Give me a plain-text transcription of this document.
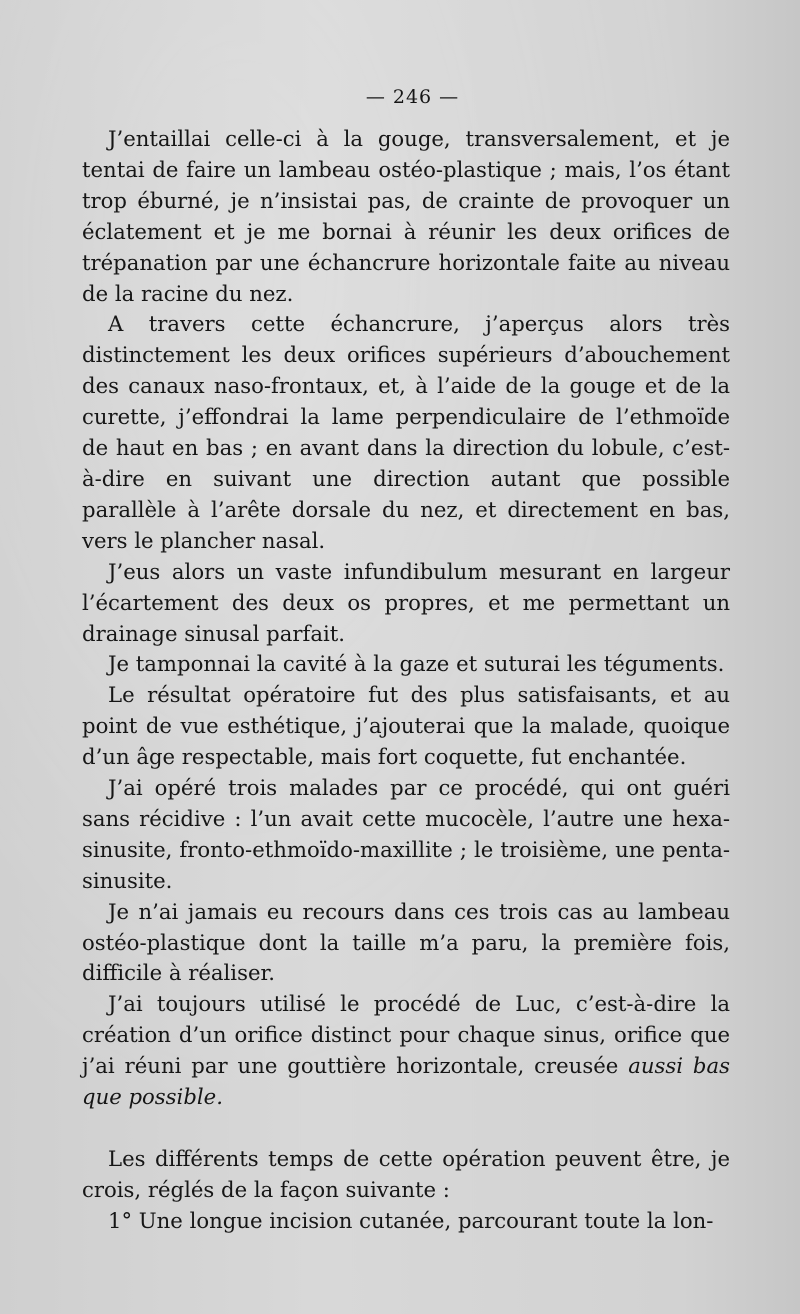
— 246 —

J’entaillai celle-ci à la gouge, transversalement, et je tentai de faire un lambeau ostéo-plastique ; mais, l’os étant trop éburné, je n’insistai pas, de crainte de provoquer un éclatement et je me bornai à réunir les deux orifices de trépanation par une échancrure horizontale faite au niveau de la racine du nez.

A travers cette échancrure, j’aperçus alors très distinctement les deux orifices supérieurs d’abouchement des canaux naso-frontaux, et, à l’aide de la gouge et de la curette, j’effondrai la lame perpendiculaire de l’ethmoïde de haut en bas ; en avant dans la direction du lobule, c’est-à-dire en suivant une direction autant que possible parallèle à l’arête dorsale du nez, et directement en bas, vers le plancher nasal.

J’eus alors un vaste infundibulum mesurant en largeur l’écartement des deux os propres, et me permettant un drainage sinusal parfait.

Je tamponnai la cavité à la gaze et suturai les téguments.

Le résultat opératoire fut des plus satisfaisants, et au point de vue esthétique, j’ajouterai que la malade, quoique d’un âge respectable, mais fort coquette, fut enchantée.

J’ai opéré trois malades par ce procédé, qui ont guéri sans récidive : l’un avait cette mucocèle, l’autre une hexa-sinusite, fronto-ethmoïdo-maxillite ; le troisième, une penta-sinusite.

Je n’ai jamais eu recours dans ces trois cas au lambeau ostéo-plastique dont la taille m’a paru, la première fois, difficile à réaliser.

J’ai toujours utilisé le procédé de Luc, c’est-à-dire la création d’un orifice distinct pour chaque sinus, orifice que j’ai réuni par une gouttière horizontale, creusée aussi bas que possible.

Les différents temps de cette opération peuvent être, je crois, réglés de la façon suivante :

1° Une longue incision cutanée, parcourant toute la lon-
